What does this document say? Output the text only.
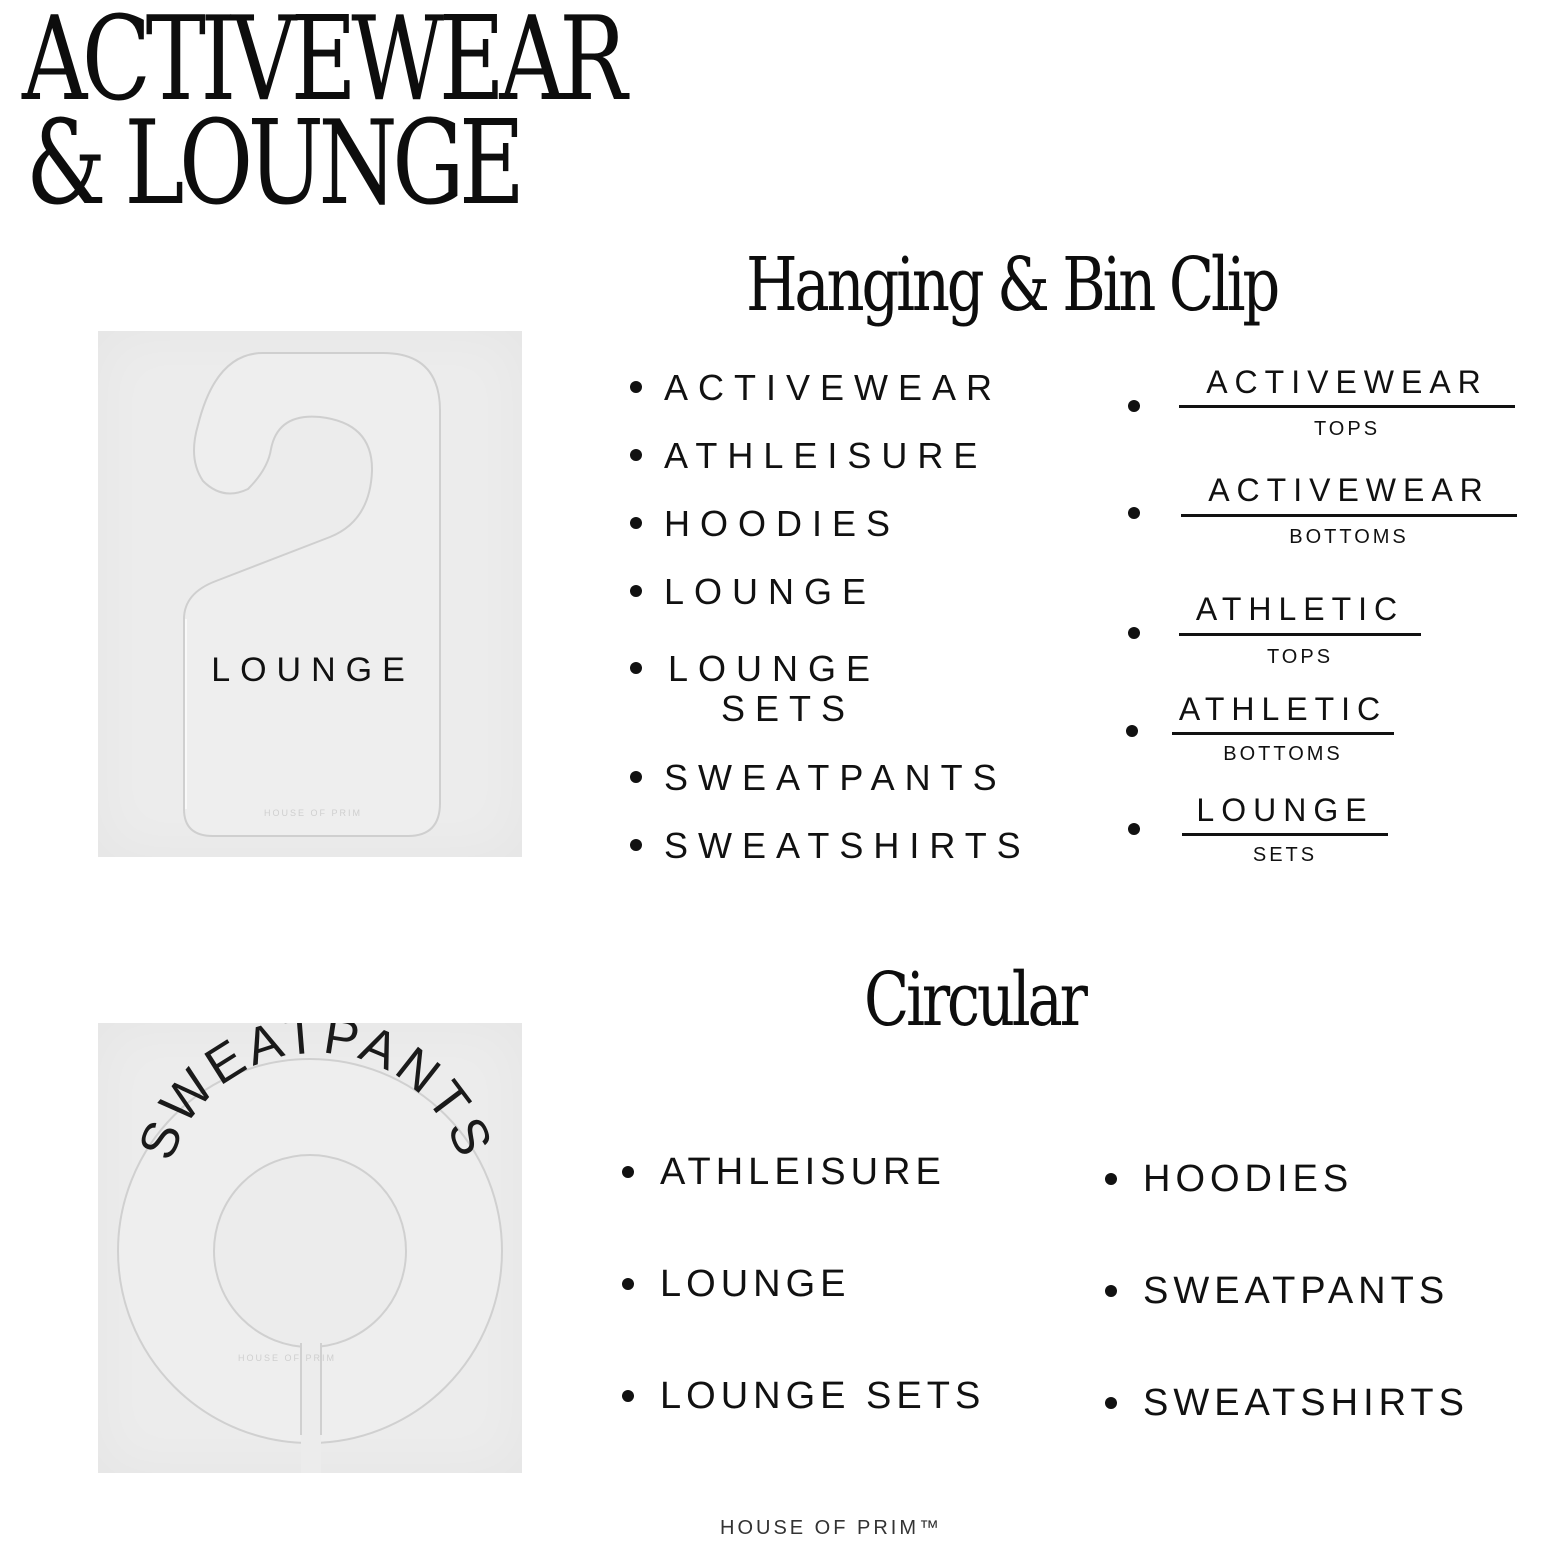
ACTIVEWEAR
& LOUNGE
Hanging & Bin Clip
Circular
LOUNGE
HOUSE OF PRIM
SWEATPANTS
HOUSE OF PRIM
ACTIVEWEAR
ATHLEISURE
HOODIES
LOUNGE
LOUNGE
SETS
SWEATPANTS
SWEATSHIRTS
ACTIVEWEAR
TOPS
ACTIVEWEAR
BOTTOMS
ATHLETIC
TOPS
ATHLETIC
BOTTOMS
LOUNGE
SETS
ATHLEISURE
LOUNGE
LOUNGE SETS
HOODIES
SWEATPANTS
SWEATSHIRTS
HOUSE OF PRIM™
